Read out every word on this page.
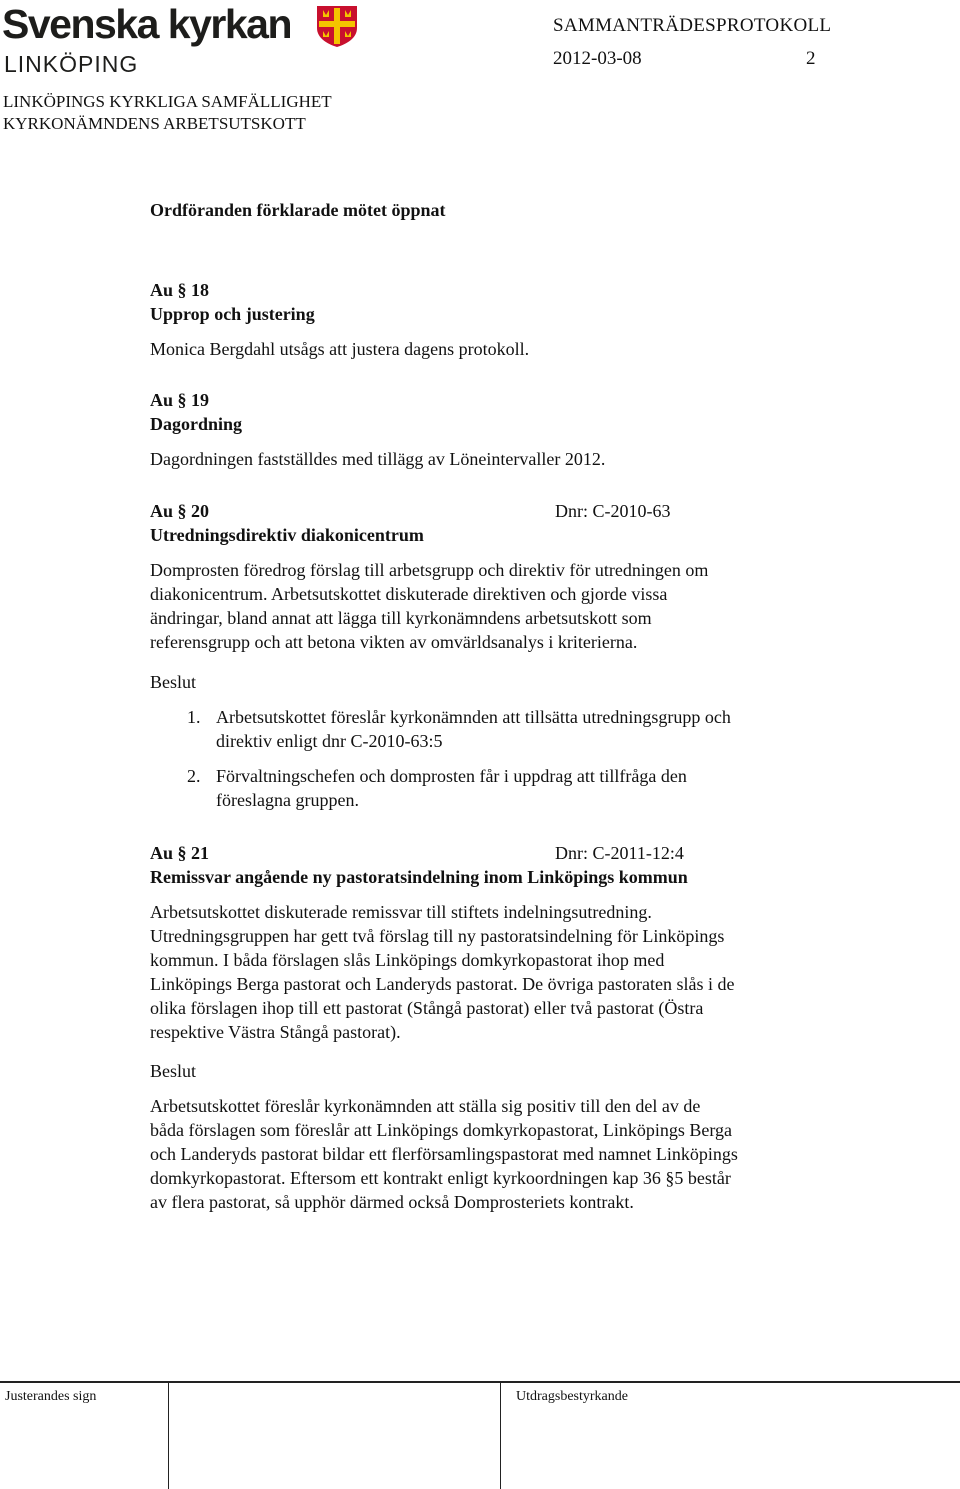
Svenska kyrkan
LINKÖPING
SAMMANTRÄDESPROTOKOLL
2012-03-08	2
LINKÖPINGS KYRKLIGA SAMFÄLLIGHET
KYRKONÄMNDENS ARBETSUTSKOTT
Ordföranden förklarade mötet öppnat
Au § 18
Upprop och justering
Monica Bergdahl utsågs att justera dagens protokoll.
Au § 19
Dagordning
Dagordningen fastställdes med tillägg av Löneintervaller 2012.
Au § 20	Dnr: C-2010-63
Utredningsdirektiv diakonicentrum
Domprosten föredrog förslag till arbetsgrupp och direktiv för utredningen om
diakonicentrum. Arbetsutskottet diskuterade direktiven och gjorde vissa
ändringar, bland annat att lägga till kyrkonämndens arbetsutskott som
referensgrupp och att betona vikten av omvärldsanalys i kriterierna.
Beslut
1. Arbetsutskottet föreslår kyrkonämnden att tillsätta utredningsgrupp och
direktiv enligt dnr C-2010-63:5
2. Förvaltningschefen och domprosten får i uppdrag att tillfråga den
föreslagna gruppen.
Au § 21	Dnr: C-2011-12:4
Remissvar angående ny pastoratsindelning inom Linköpings kommun
Arbetsutskottet diskuterade remissvar till stiftets indelningsutredning.
Utredningsgruppen har gett två förslag till ny pastoratsindelning för Linköpings
kommun. I båda förslagen slås Linköpings domkyrkopastorat ihop med
Linköpings Berga pastorat och Landeryds pastorat. De övriga pastoraten slås i de
olika förslagen ihop till ett pastorat (Stångå pastorat) eller två pastorat (Östra
respektive Västra Stångå pastorat).
Beslut
Arbetsutskottet föreslår kyrkonämnden att ställa sig positiv till den del av de
båda förslagen som föreslår att Linköpings domkyrkopastorat, Linköpings Berga
och Landeryds pastorat bildar ett flerförsamlingspastorat med namnet Linköpings
domkyrkopastorat. Eftersom ett kontrakt enligt kyrkoordningen kap 36 §5 består
av flera pastorat, så upphör därmed också Domprosteriets kontrakt.
Justerandes sign	Utdragsbestyrkande
